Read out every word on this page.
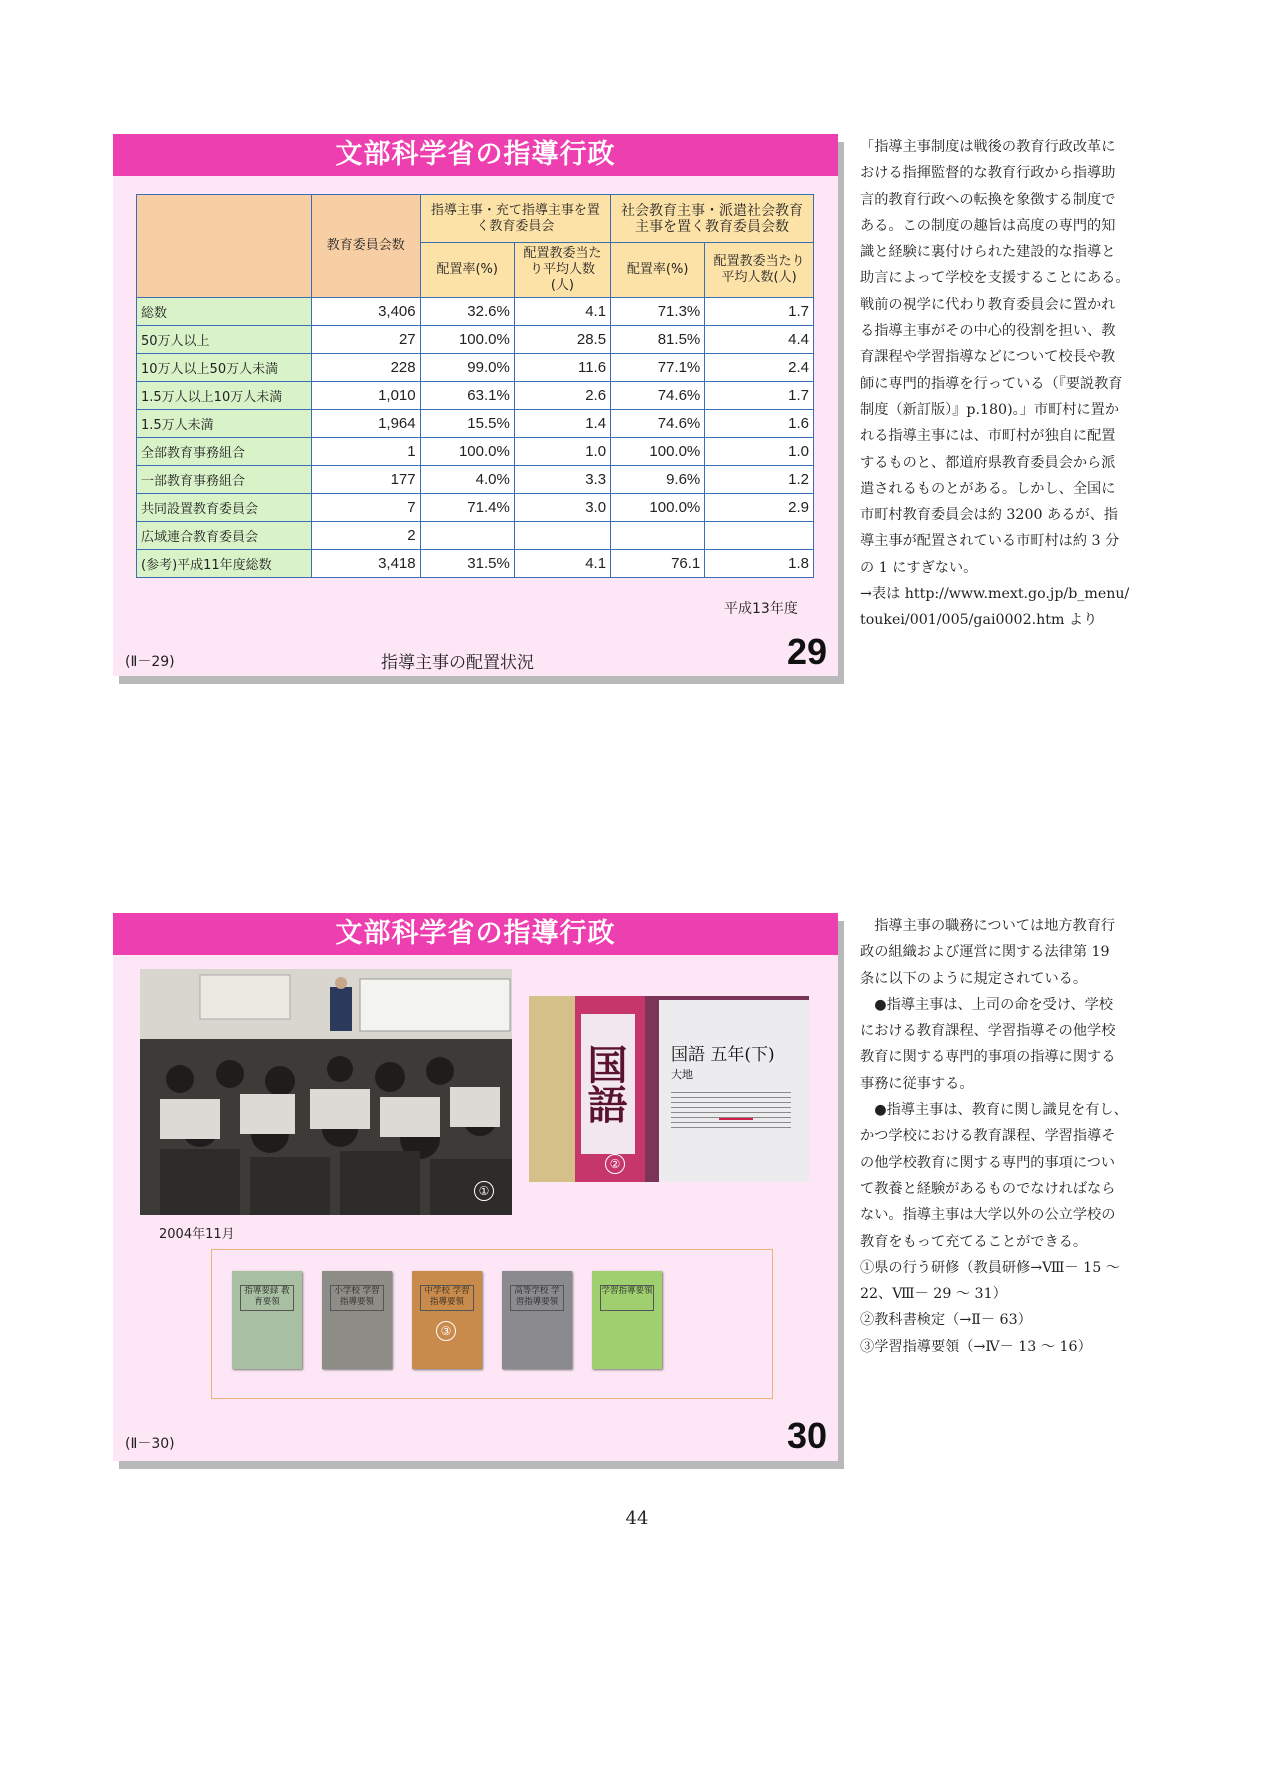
文部科学省の指導行政
	教育委員会数	指導主事・充て指導主事を置く教育委員会		社会教育主事・派遣社会教育主事を置く教育委員会数	
		配置率(%)	配置教委当たり平均人数(人)	配置率(%)	配置教委当たり平均人数(人)
総数	3,406	32.6%	4.1	71.3%	1.7
50万人以上	27	100.0%	28.5	81.5%	4.4
10万人以上50万人未満	228	99.0%	11.6	77.1%	2.4
1.5万人以上10万人未満	1,010	63.1%	2.6	74.6%	1.7
1.5万人未満	1,964	15.5%	1.4	74.6%	1.6
全部教育事務組合	1	100.0%	1.0	100.0%	1.0
一部教育事務組合	177	4.0%	3.3	9.6%	1.2
共同設置教育委員会	7	71.4%	3.0	100.0%	2.9
広域連合教育委員会	2				
(参考)平成11年度総数	3,418	31.5%	4.1	76.1	1.8
平成13年度
(Ⅱ－29)	指導主事の配置状況	29

「指導主事制度は戦後の教育行政改革に

おける指揮監督的な教育行政から指導助

言的教育行政への転換を象徴する制度で

ある。この制度の趣旨は高度の専門的知

識と経験に裏付けられた建設的な指導と

助言によって学校を支援することにある。

戦前の視学に代わり教育委員会に置かれ

る指導主事がその中心的役割を担い、教

育課程や学習指導などについて校長や教

師に専門的指導を行っている（『要説教育

制度（新訂版）』p.180)。」市町村に置か

れる指導主事には、市町村が独自に配置

するものと、都道府県教育委員会から派

遣されるものとがある。しかし、全国に

市町村教育委員会は約 3200 あるが、指

導主事が配置されている市町村は約 3 分

の 1 にすぎない。

→表は http://www.mext.go.jp/b_menu/

toukei/001/005/gai0002.htm より

文部科学省の指導行政
①
2004年11月
国語	国語 五年(下)
大地
②
指導要録 教育要領
小学校 学習指導要領
中学校 学習指導要領
③
高等学校 学習指導要領
学習指導要領
(Ⅱ－30)	30

　指導主事の職務については地方教育行

政の組織および運営に関する法律第 19

条に以下のように規定されている。

　●指導主事は、上司の命を受け、学校

における教育課程、学習指導その他学校

教育に関する専門的事項の指導に関する

事務に従事する。

　●指導主事は、教育に関し識見を有し、

かつ学校における教育課程、学習指導そ

の他学校教育に関する専門的事項につい

て教養と経験があるものでなければなら

ない。指導主事は大学以外の公立学校の

教育をもって充てることができる。

①県の行う研修（教員研修→Ⅷ－ 15 ～

22、Ⅷ－ 29 ～ 31）

②教科書検定（→Ⅱ－ 63）

③学習指導要領（→Ⅳ－ 13 ～ 16）

44
